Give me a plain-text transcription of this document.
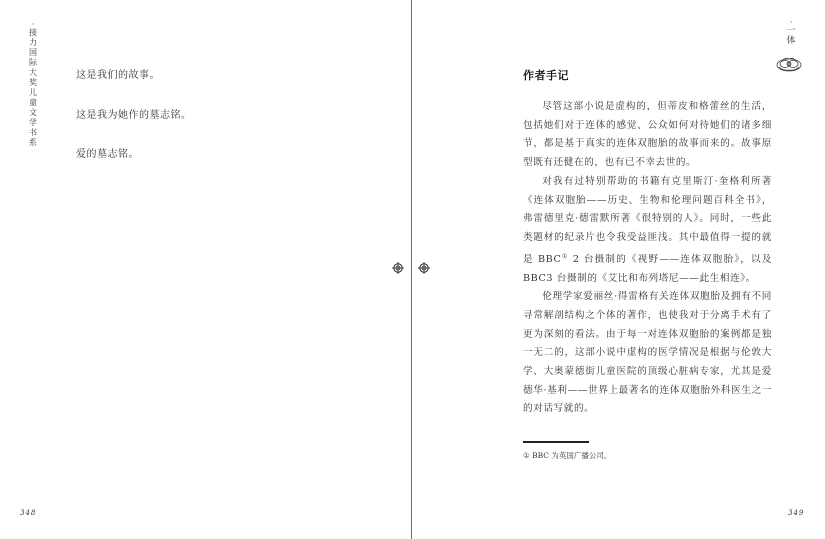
·
接力国际大奖儿童文学书系
这是我们的故事。
这是我为她作的墓志铭。
爱的墓志铭。
348
·
一体
作者手记

尽管这部小说是虚构的，但蒂皮和格蕾丝的生活，包括她们对于连体的感觉、公众如何对待她们的诸多细节，都是基于真实的连体双胞胎的故事而来的。故事原型既有还健在的，也有已不幸去世的。

对我有过特别帮助的书籍有克里斯汀·奎格利所著《连体双胞胎——历史、生物和伦理问题百科全书》，弗雷德里克·德雷默所著《很特别的人》。同时，一些此类题材的纪录片也令我受益匪浅。其中最值得一提的就是 BBC① 2 台摄制的《视野——连体双胞胎》，以及 BBC3 台摄制的《艾比和布列塔尼——此生相连》。

伦理学家爱丽丝·得雷格有关连体双胞胎及拥有不同寻常解剖结构之个体的著作，也使我对于分离手术有了更为深刻的看法。由于每一对连体双胞胎的案例都是独一无二的，这部小说中虚构的医学情况是根据与伦敦大学、大奥蒙德街儿童医院的顶级心脏病专家，尤其是爱德华·基利——世界上最著名的连体双胞胎外科医生之一的对话写就的。

① BBC 为英国广播公司。
349
